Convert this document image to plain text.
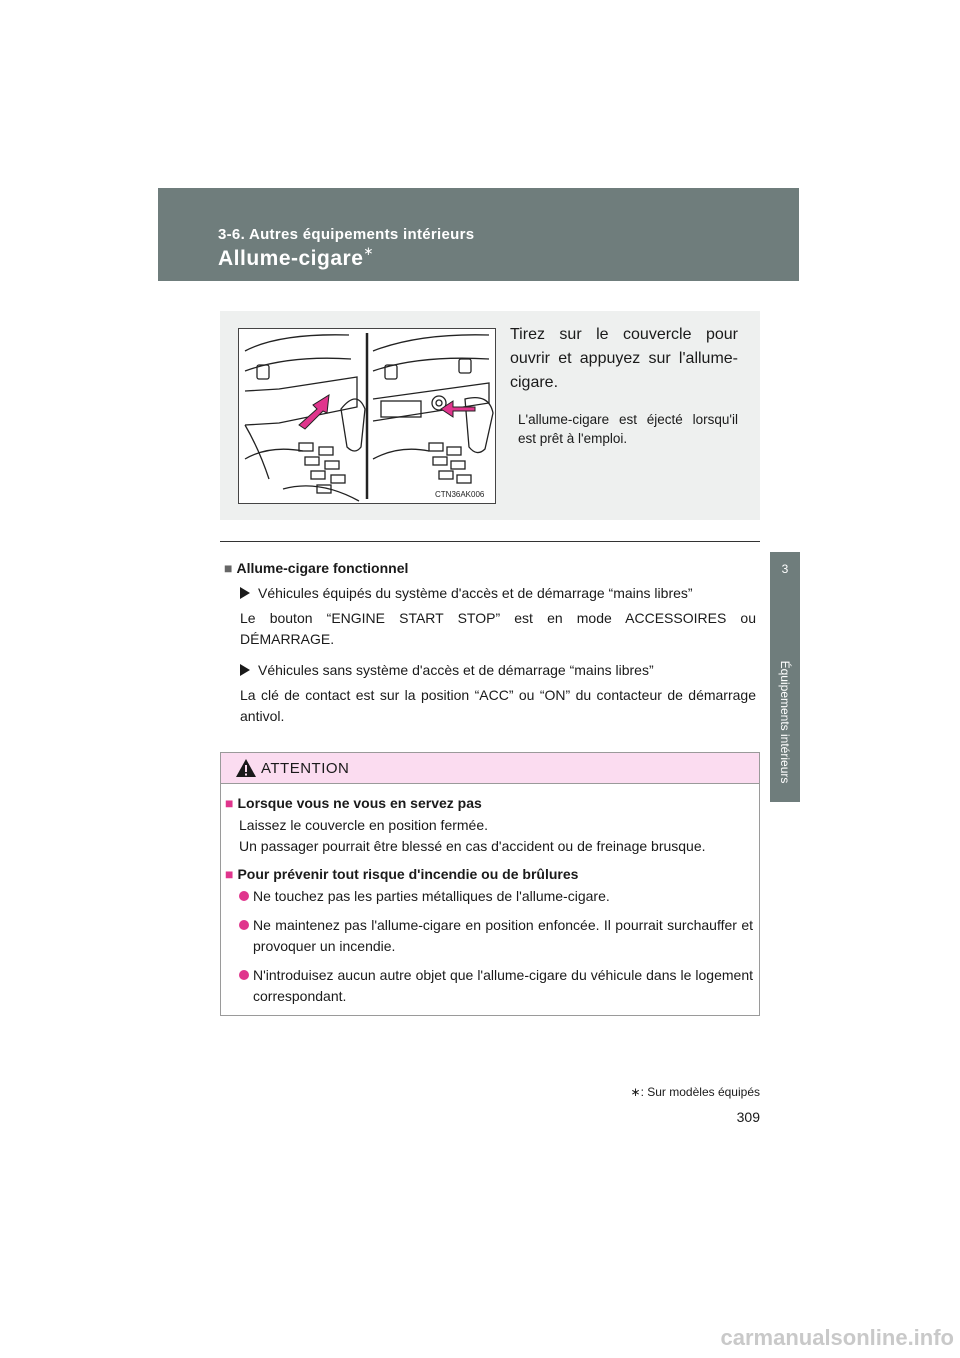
3-6. Autres équipements intérieurs
Allume-cigare∗
3
Équipements intérieurs
CTN36AK006
Tirez sur le couvercle pour ouvrir et appuyez sur l'allume-cigare.
L'allume-cigare est éjecté lorsqu'il est prêt à l'emploi.

■ Allume-cigare fonctionnel

Véhicules équipés du système d'accès et de démarrage “mains libres”

Le bouton “ENGINE START STOP” est en mode ACCESSOIRES ou DÉMARRAGE.

Véhicules sans système d'accès et de démarrage “mains libres”

La clé de contact est sur la position “ACC” ou “ON” du contacteur de démarrage antivol.

ATTENTION

■ Lorsque vous ne vous en servez pas

Laissez le couvercle en position fermée.
Un passager pourrait être blessé en cas d'accident ou de freinage brusque.

■ Pour prévenir tout risque d'incendie ou de brûlures

Ne touchez pas les parties métalliques de l'allume-cigare.

Ne maintenez pas l'allume-cigare en position enfoncée. Il pourrait surchauffer et provoquer un incendie.

N'introduisez aucun autre objet que l'allume-cigare du véhicule dans le logement correspondant.

∗: Sur modèles équipés
309
carmanualsonline.info
